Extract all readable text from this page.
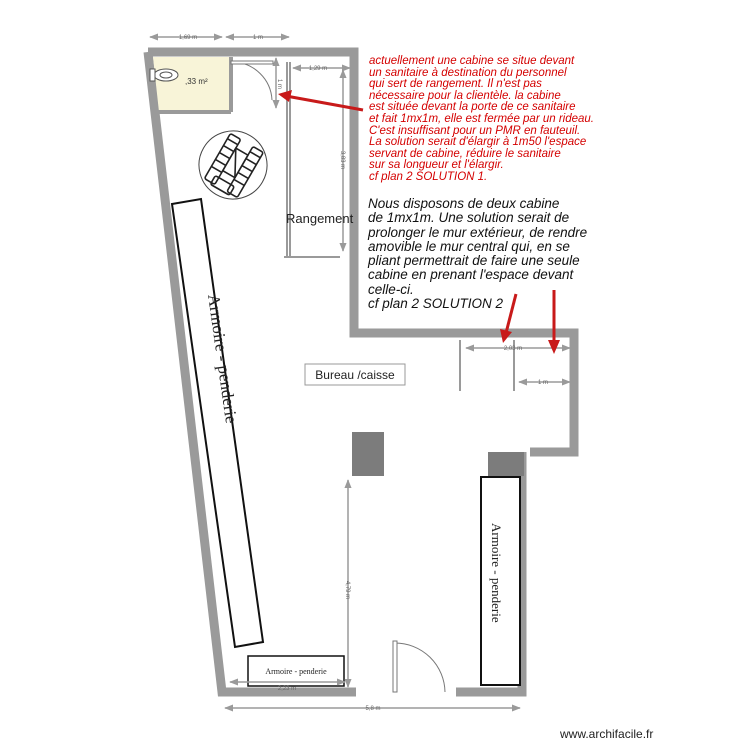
Armoire - penderie
Armoire - penderie
Armoire - penderie
1,69 m	1 m
1,29 m
3,83 m
1 m
2,03 m
1 m
4,79 m
2,23 m
5,8 m
,33 m²
Rangement
Bureau /caisse
actuellement une cabine se situe devant
un sanitaire à destination du personnel
qui sert de rangement. Il n'est pas
nécessaire pour la clientèle. la cabine
est située devant la porte de ce sanitaire
et fait 1mx1m, elle est fermée par un rideau.
C'est insuffisant pour un PMR en fauteuil.
La solution serait d'élargir à 1m50 l'espace
servant de cabine, réduire le sanitaire
sur sa longueur et l'élargir.
cf plan 2 SOLUTION 1.
Nous disposons de deux cabine
de 1mx1m. Une solution serait de
prolonger le mur extérieur, de rendre
amovible le mur central qui, en se
pliant permettrait de faire une seule
cabine en prenant l'espace devant
celle-ci.
cf plan 2 SOLUTION 2
www.archifacile.fr
